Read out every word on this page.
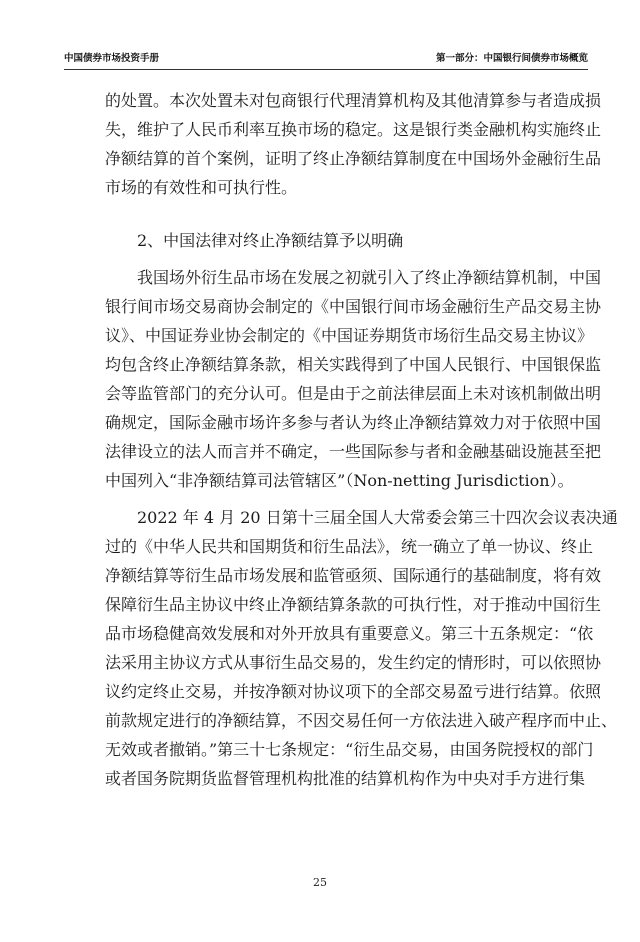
中国债券市场投资手册	第一部分：中国银行间债券市场概览
的处置。本次处置未对包商银行代理清算机构及其他清算参与者造成损
失，维护了人民币利率互换市场的稳定。这是银行类金融机构实施终止
净额结算的首个案例，证明了终止净额结算制度在中国场外金融衍生品
市场的有效性和可执行性。
2、中国法律对终止净额结算予以明确
我国场外衍生品市场在发展之初就引入了终止净额结算机制，中国
银行间市场交易商协会制定的《中国银行间市场金融衍生产品交易主协
议》、中国证券业协会制定的《中国证券期货市场衍生品交易主协议》
均包含终止净额结算条款，相关实践得到了中国人民银行、中国银保监
会等监管部门的充分认可。但是由于之前法律层面上未对该机制做出明
确规定，国际金融市场许多参与者认为终止净额结算效力对于依照中国
法律设立的法人而言并不确定，一些国际参与者和金融基础设施甚至把
中国列入“非净额结算司法管辖区”（Non-netting Jurisdiction）。
2022 年 4 月 20 日第十三届全国人大常委会第三十四次会议表决通
过的《中华人民共和国期货和衍生品法》，统一确立了单一协议、终止
净额结算等衍生品市场发展和监管亟须、国际通行的基础制度，将有效
保障衍生品主协议中终止净额结算条款的可执行性，对于推动中国衍生
品市场稳健高效发展和对外开放具有重要意义。第三十五条规定：“依
法采用主协议方式从事衍生品交易的，发生约定的情形时，可以依照协
议约定终止交易，并按净额对协议项下的全部交易盈亏进行结算。依照
前款规定进行的净额结算，不因交易任何一方依法进入破产程序而中止、
无效或者撤销。”第三十七条规定：“衍生品交易，由国务院授权的部门
或者国务院期货监督管理机构批准的结算机构作为中央对手方进行集
25
